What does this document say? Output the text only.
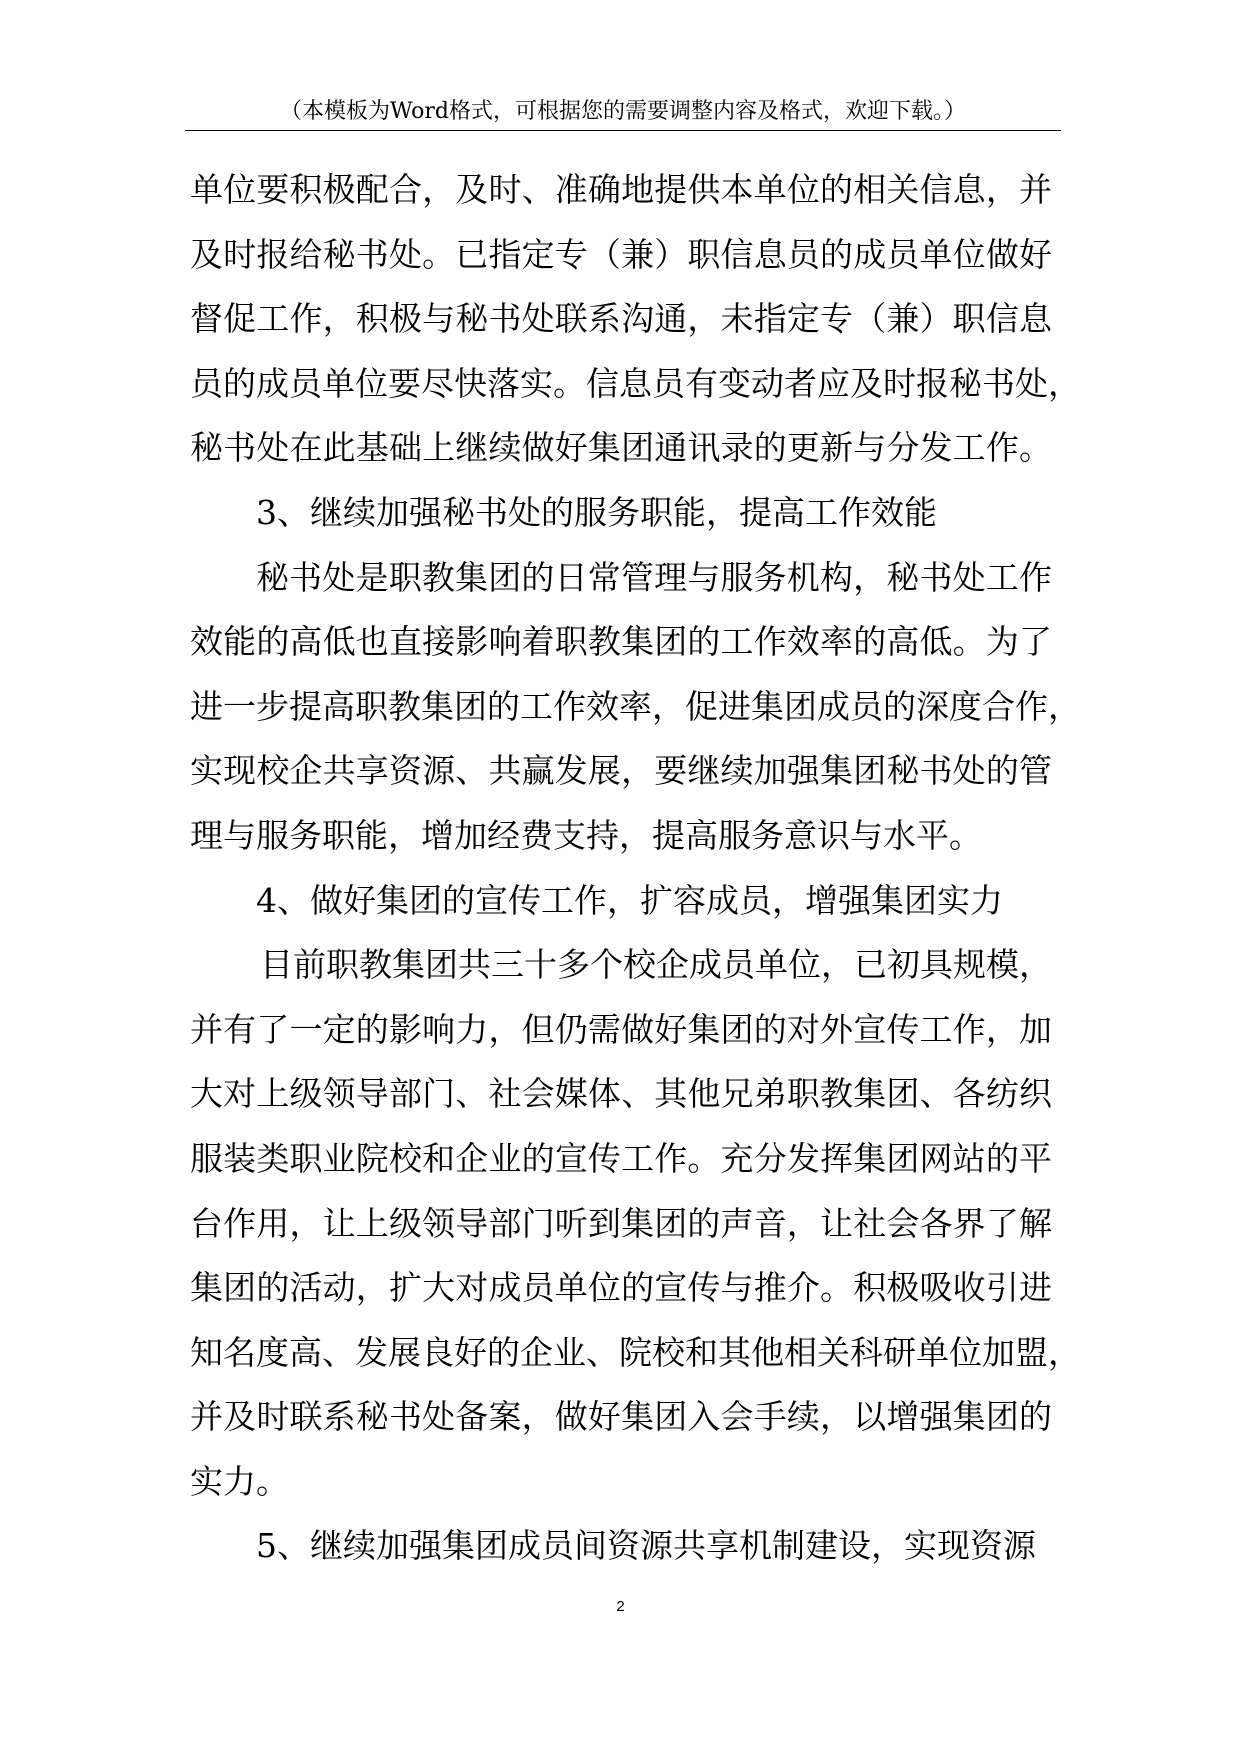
（本模板为Word格式，可根据您的需要调整内容及格式，欢迎下载。）
单位要积极配合，及时、准确地提供本单位的相关信息，并
及时报给秘书处。已指定专（兼）职信息员的成员单位做好
督促工作，积极与秘书处联系沟通，未指定专（兼）职信息
员的成员单位要尽快落实。信息员有变动者应及时报秘书处，
秘书处在此基础上继续做好集团通讯录的更新与分发工作。
3、继续加强秘书处的服务职能，提高工作效能
秘书处是职教集团的日常管理与服务机构，秘书处工作
效能的高低也直接影响着职教集团的工作效率的高低。为了
进一步提高职教集团的工作效率，促进集团成员的深度合作，
实现校企共享资源、共赢发展，要继续加强集团秘书处的管
理与服务职能，增加经费支持，提高服务意识与水平。
4、做好集团的宣传工作，扩容成员，增强集团实力
目前职教集团共三十多个校企成员单位，已初具规模，
并有了一定的影响力，但仍需做好集团的对外宣传工作，加
大对上级领导部门、社会媒体、其他兄弟职教集团、各纺织
服装类职业院校和企业的宣传工作。充分发挥集团网站的平
台作用，让上级领导部门听到集团的声音，让社会各界了解
集团的活动，扩大对成员单位的宣传与推介。积极吸收引进
知名度高、发展良好的企业、院校和其他相关科研单位加盟，
并及时联系秘书处备案，做好集团入会手续，以增强集团的
实力。
5、继续加强集团成员间资源共享机制建设，实现资源
2
